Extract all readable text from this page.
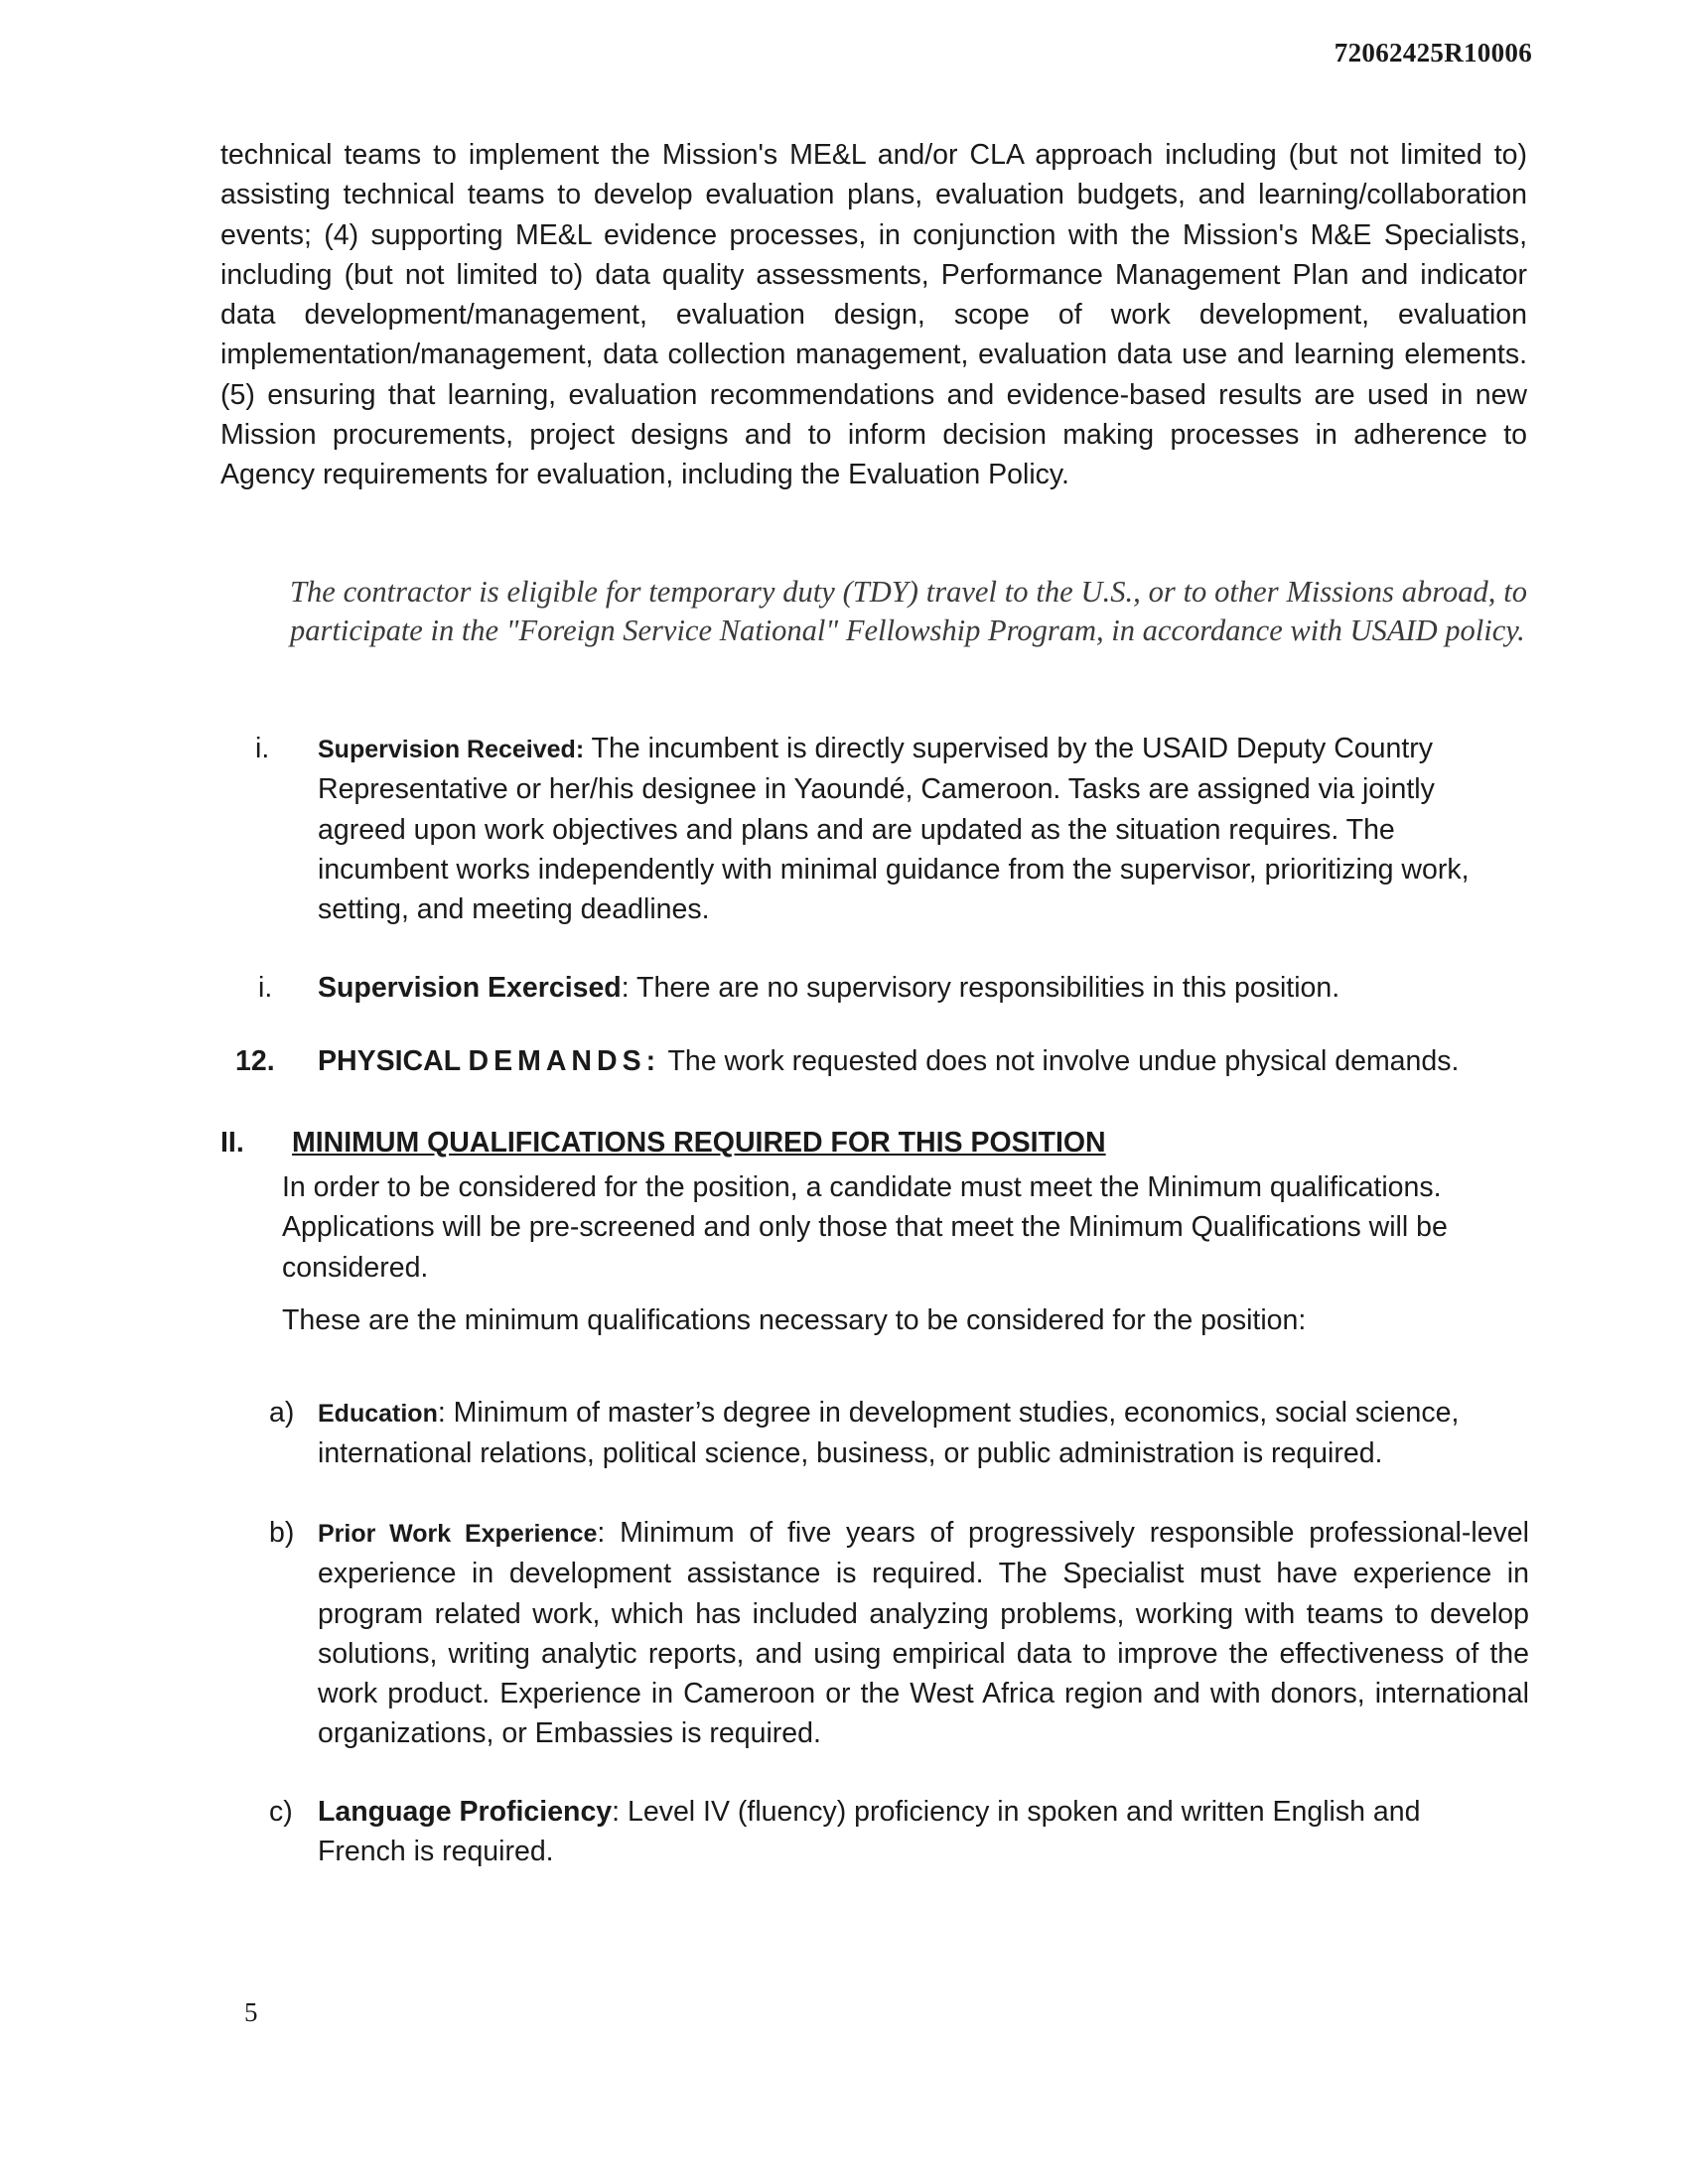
72062425R10006
technical teams to implement the Mission's ME&L and/or CLA approach including (but not limited to) assisting technical teams to develop evaluation plans, evaluation budgets, and learning/collaboration events; (4) supporting ME&L evidence processes, in conjunction with the Mission's M&E Specialists, including (but not limited to) data quality assessments, Performance Management Plan and indicator data development/management, evaluation design, scope of work development, evaluation implementation/management, data collection management, evaluation data use and learning elements. (5) ensuring that learning, evaluation recommendations and evidence-based results are used in new Mission procurements, project designs and to inform decision making processes in adherence to Agency requirements for evaluation, including the Evaluation Policy.
The contractor is eligible for temporary duty (TDY) travel to the U.S., or to other Missions abroad, to participate in the "Foreign Service National" Fellowship Program, in accordance with USAID policy.
i. Supervision Received: The incumbent is directly supervised by the USAID Deputy Country Representative or her/his designee in Yaoundé, Cameroon. Tasks are assigned via jointly agreed upon work objectives and plans and are updated as the situation requires. The incumbent works independently with minimal guidance from the supervisor, prioritizing work, setting, and meeting deadlines.
i. Supervision Exercised: There are no supervisory responsibilities in this position.
12. PHYSICAL DEMANDS: The work requested does not involve undue physical demands.
II. MINIMUM QUALIFICATIONS REQUIRED FOR THIS POSITION
In order to be considered for the position, a candidate must meet the Minimum qualifications. Applications will be pre-screened and only those that meet the Minimum Qualifications will be considered.
These are the minimum qualifications necessary to be considered for the position:
a) Education: Minimum of master’s degree in development studies, economics, social science, international relations, political science, business, or public administration is required.
b) Prior Work Experience: Minimum of five years of progressively responsible professional-level experience in development assistance is required. The Specialist must have experience in program related work, which has included analyzing problems, working with teams to develop solutions, writing analytic reports, and using empirical data to improve the effectiveness of the work product. Experience in Cameroon or the West Africa region and with donors, international organizations, or Embassies is required.
c) Language Proficiency: Level IV (fluency) proficiency in spoken and written English and French is required.
5
